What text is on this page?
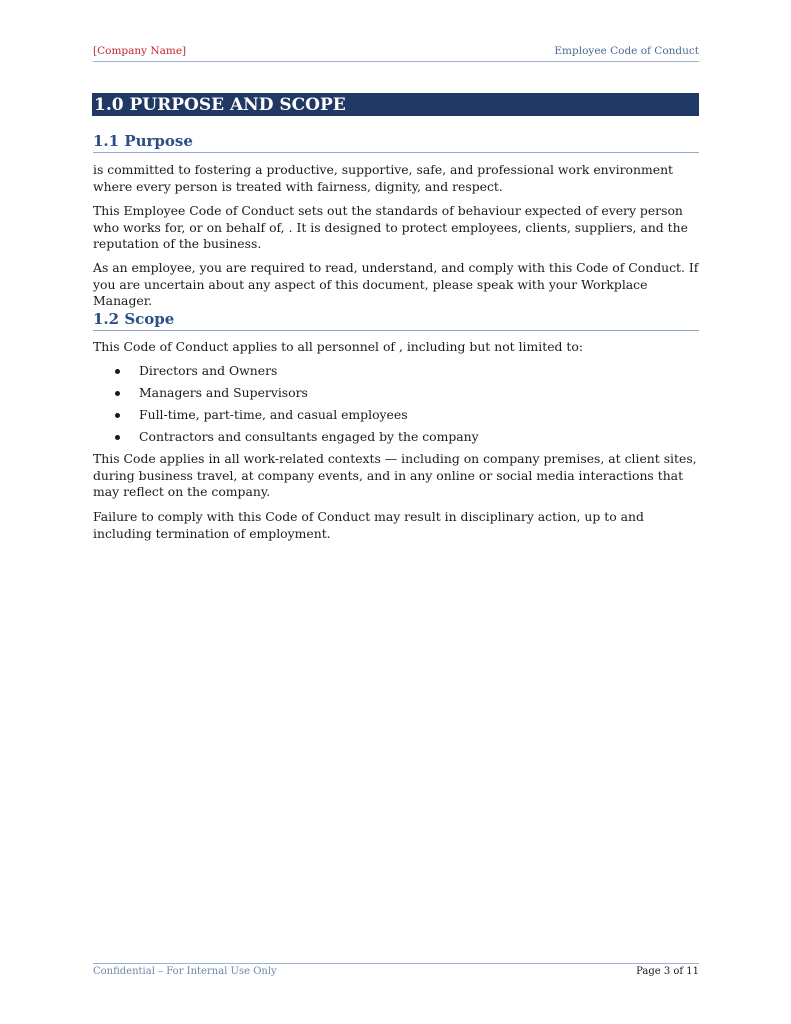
[Company Name]	Employee Code of Conduct
1.0 PURPOSE AND SCOPE
1.1 Purpose

is committed to fostering a productive, supportive, safe, and professional work environment where every person is treated with fairness, dignity, and respect.

This Employee Code of Conduct sets out the standards of behaviour expected of every person who works for, or on behalf of, . It is designed to protect employees, clients, suppliers, and the reputation of the business.

As an employee, you are required to read, understand, and comply with this Code of Conduct. If you are uncertain about any aspect of this document, please speak with your Workplace Manager.

1.2 Scope

This Code of Conduct applies to all personnel of , including but not limited to:

Directors and Owners
Managers and Supervisors
Full-time, part-time, and casual employees
Contractors and consultants engaged by the company

This Code applies in all work-related contexts — including on company premises, at client sites, during business travel, at company events, and in any online or social media interactions that may reflect on the company.

Failure to comply with this Code of Conduct may result in disciplinary action, up to and including termination of employment.

Confidential – For Internal Use Only	Page 3 of 11
